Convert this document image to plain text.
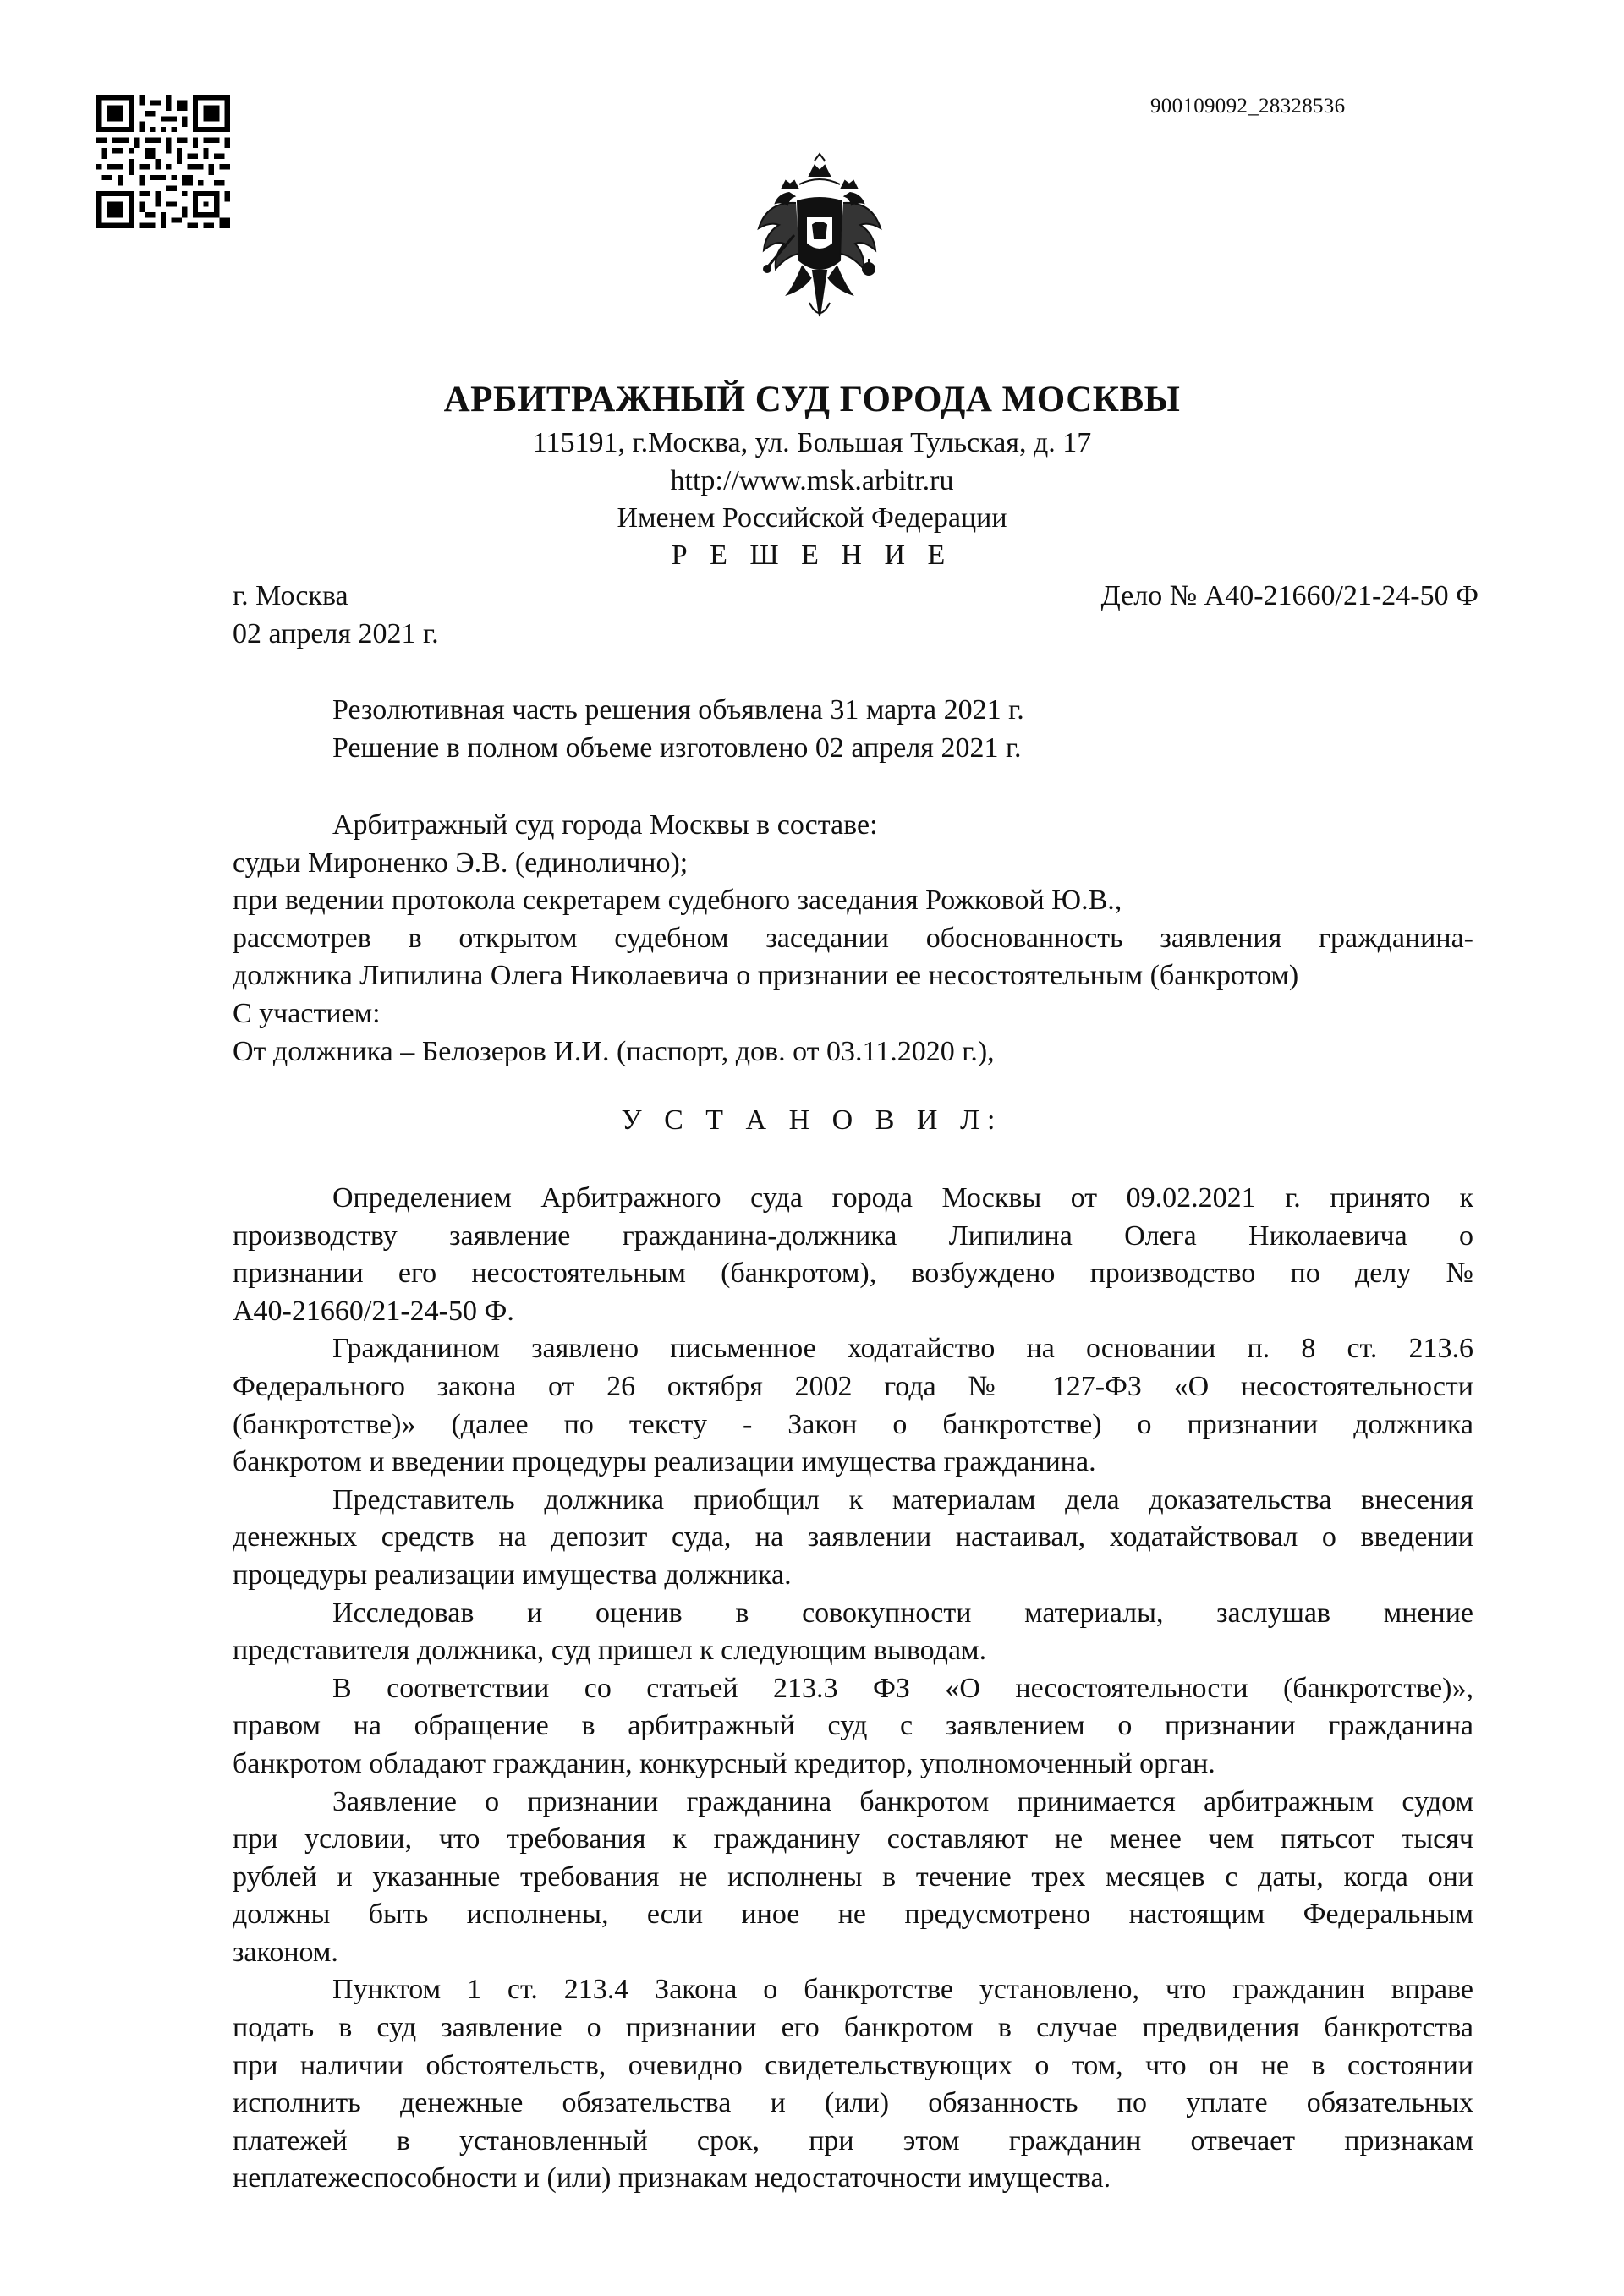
900109092_28328536
АРБИТРАЖНЫЙ СУД ГОРОДА МОСКВЫ
115191, г.Москва, ул. Большая Тульская, д. 17
http://www.msk.arbitr.ru
Именем Российской Федерации
Р Е Ш Е Н И Е
г. Москва	Дело № А40-21660/21-24-50 Ф
02 апреля 2021 г.
Резолютивная часть решения объявлена 31 марта 2021 г.
Решение в полном объеме изготовлено 02 апреля 2021 г.
Арбитражный суд города Москвы в составе:
судьи Мироненко Э.В. (единолично);
при ведении протокола секретарем судебного заседания Рожковой Ю.В.,
рассмотрев в открытом судебном заседании обоснованность заявления гражданина-
должника Липилина Олега Николаевича о признании ее несостоятельным (банкротом)
С участием:
От должника – Белозеров И.И. (паспорт, дов. от 03.11.2020 г.),
У С Т А Н О В И Л:
Определением Арбитражного суда города Москвы от 09.02.2021 г. принято к
производству заявление гражданина-должника Липилина Олега Николаевича о
признании его несостоятельным (банкротом), возбуждено производство по делу №
А40-21660/21-24-50 Ф.
Гражданином заявлено письменное ходатайство на основании п. 8 ст. 213.6
Федерального закона от 26 октября 2002 года № 127-ФЗ «О несостоятельности
(банкротстве)» (далее по тексту - Закон о банкротстве) о признании должника
банкротом и введении процедуры реализации имущества гражданина.
Представитель должника приобщил к материалам дела доказательства внесения
денежных средств на депозит суда, на заявлении настаивал, ходатайствовал о введении
процедуры реализации имущества должника.
Исследовав и оценив в совокупности материалы, заслушав мнение
представителя должника, суд пришел к следующим выводам.
В соответствии со статьей 213.3 ФЗ «О несостоятельности (банкротстве)»,
правом на обращение в арбитражный суд с заявлением о признании гражданина
банкротом обладают гражданин, конкурсный кредитор, уполномоченный орган.
Заявление о признании гражданина банкротом принимается арбитражным судом
при условии, что требования к гражданину составляют не менее чем пятьсот тысяч
рублей и указанные требования не исполнены в течение трех месяцев с даты, когда они
должны быть исполнены, если иное не предусмотрено настоящим Федеральным
законом.
Пунктом 1 ст. 213.4 Закона о банкротстве установлено, что гражданин вправе
подать в суд заявление о признании его банкротом в случае предвидения банкротства
при наличии обстоятельств, очевидно свидетельствующих о том, что он не в состоянии
исполнить денежные обязательства и (или) обязанность по уплате обязательных
платежей в установленный срок, при этом гражданин отвечает признакам
неплатежеспособности и (или) признакам недостаточности имущества.
